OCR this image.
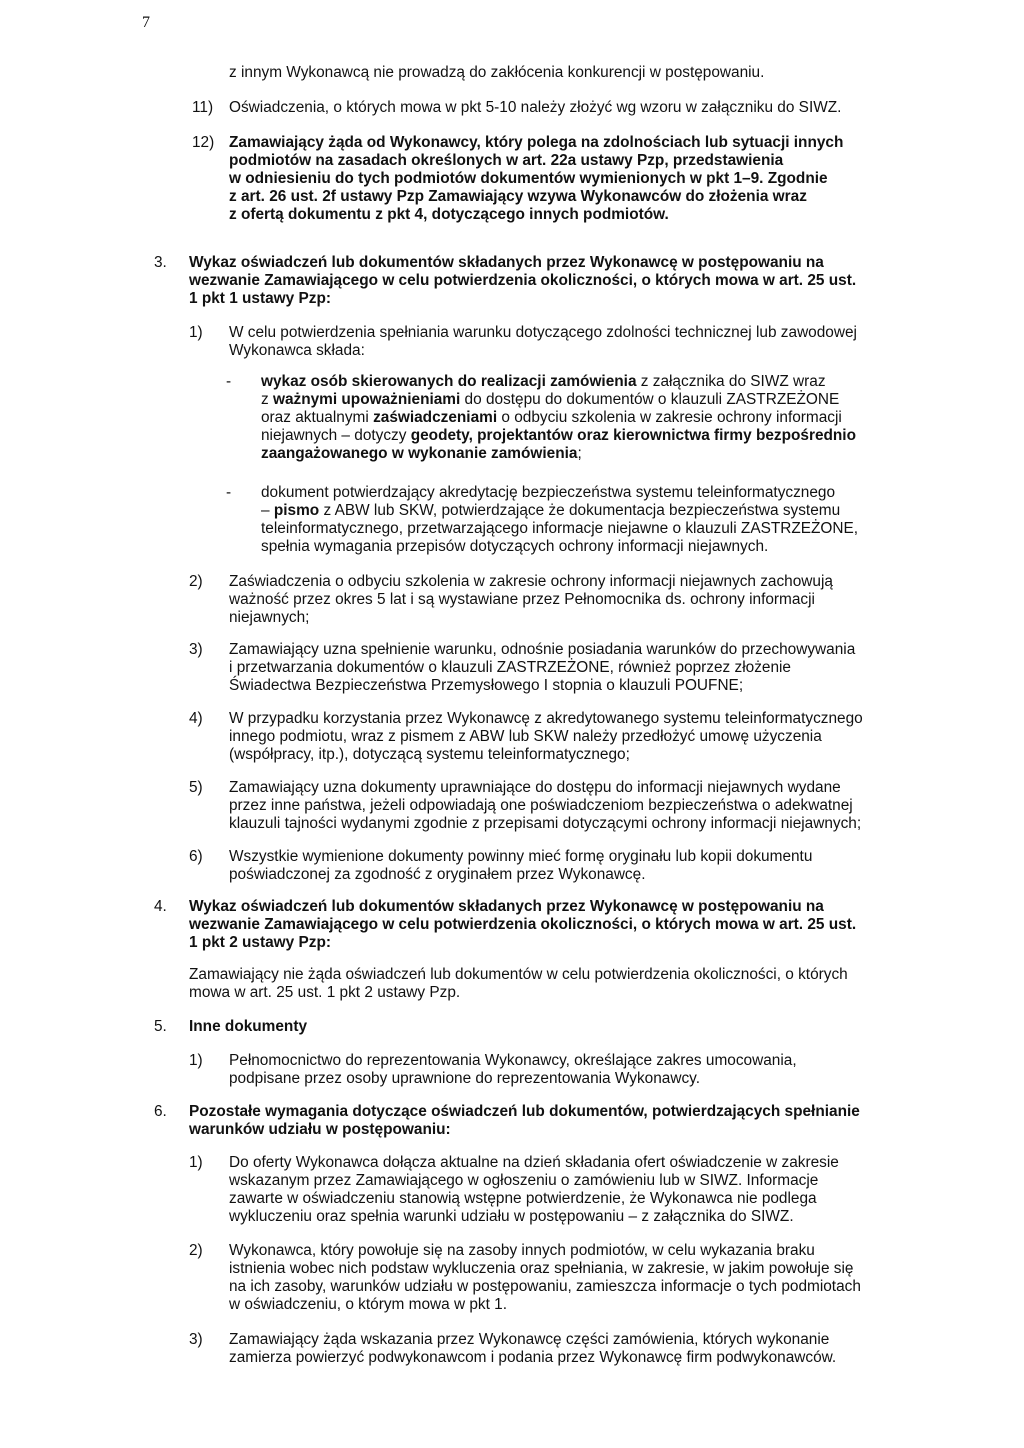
7
z innym Wykonawcą nie prowadzą do zakłócenia konkurencji w postępowaniu.
11) Oświadczenia, o których mowa w pkt 5-10 należy złożyć wg wzoru w załączniku do SIWZ.
12) Zamawiający żąda od Wykonawcy, który polega na zdolnościach lub sytuacji innych
podmiotów na zasadach określonych w art. 22a ustawy Pzp, przedstawienia
w odniesieniu do tych podmiotów dokumentów wymienionych w pkt 1–9. Zgodnie
z art. 26 ust. 2f ustawy Pzp Zamawiający wzywa Wykonawców do złożenia wraz
z ofertą dokumentu z pkt 4, dotyczącego innych podmiotów.
3. Wykaz oświadczeń lub dokumentów składanych przez Wykonawcę w postępowaniu na
wezwanie Zamawiającego w celu potwierdzenia okoliczności, o których mowa w art. 25 ust.
1 pkt 1 ustawy Pzp:
1) W celu potwierdzenia spełniania warunku dotyczącego zdolności technicznej lub zawodowej
Wykonawca składa:
- wykaz osób skierowanych do realizacji zamówienia z załącznika do SIWZ wraz
z ważnymi upoważnieniami do dostępu do dokumentów o klauzuli ZASTRZEŻONE
oraz aktualnymi zaświadczeniami o odbyciu szkolenia w zakresie ochrony informacji
niejawnych – dotyczy geodety, projektantów oraz kierownictwa firmy bezpośrednio
zaangażowanego w wykonanie zamówienia;
- dokument potwierdzający akredytację bezpieczeństwa systemu teleinformatycznego
– pismo z ABW lub SKW, potwierdzające że dokumentacja bezpieczeństwa systemu
teleinformatycznego, przetwarzającego informacje niejawne o klauzuli ZASTRZEŻONE,
spełnia wymagania przepisów dotyczących ochrony informacji niejawnych.
2) Zaświadczenia o odbyciu szkolenia w zakresie ochrony informacji niejawnych zachowują
ważność przez okres 5 lat i są wystawiane przez Pełnomocnika ds. ochrony informacji
niejawnych;
3) Zamawiający uzna spełnienie warunku, odnośnie posiadania warunków do przechowywania
i przetwarzania dokumentów o klauzuli ZASTRZEŻONE, również poprzez złożenie
Świadectwa Bezpieczeństwa Przemysłowego I stopnia o klauzuli POUFNE;
4) W przypadku korzystania przez Wykonawcę z akredytowanego systemu teleinformatycznego
innego podmiotu, wraz z pismem z ABW lub SKW należy przedłożyć umowę użyczenia
(współpracy, itp.), dotyczącą systemu teleinformatycznego;
5) Zamawiający uzna dokumenty uprawniające do dostępu do informacji niejawnych wydane
przez inne państwa, jeżeli odpowiadają one poświadczeniom bezpieczeństwa o adekwatnej
klauzuli tajności wydanymi zgodnie z przepisami dotyczącymi ochrony informacji niejawnych;
6) Wszystkie wymienione dokumenty powinny mieć formę oryginału lub kopii dokumentu
poświadczonej za zgodność z oryginałem przez Wykonawcę.
4. Wykaz oświadczeń lub dokumentów składanych przez Wykonawcę w postępowaniu na
wezwanie Zamawiającego w celu potwierdzenia okoliczności, o których mowa w art. 25 ust.
1 pkt 2 ustawy Pzp:
Zamawiający nie żąda oświadczeń lub dokumentów w celu potwierdzenia okoliczności, o których
mowa w art. 25 ust. 1 pkt 2 ustawy Pzp.
5. Inne dokumenty
1) Pełnomocnictwo do reprezentowania Wykonawcy, określające zakres umocowania,
podpisane przez osoby uprawnione do reprezentowania Wykonawcy.
6. Pozostałe wymagania dotyczące oświadczeń lub dokumentów, potwierdzających spełnianie
warunków udziału w postępowaniu:
1) Do oferty Wykonawca dołącza aktualne na dzień składania ofert oświadczenie w zakresie
wskazanym przez Zamawiającego w ogłoszeniu o zamówieniu lub w SIWZ. Informacje
zawarte w oświadczeniu stanowią wstępne potwierdzenie, że Wykonawca nie podlega
wykluczeniu oraz spełnia warunki udziału w postępowaniu – z załącznika do SIWZ.
2) Wykonawca, który powołuje się na zasoby innych podmiotów, w celu wykazania braku
istnienia wobec nich podstaw wykluczenia oraz spełniania, w zakresie, w jakim powołuje się
na ich zasoby, warunków udziału w postępowaniu, zamieszcza informacje o tych podmiotach
w oświadczeniu, o którym mowa w pkt 1.
3) Zamawiający żąda wskazania przez Wykonawcę części zamówienia, których wykonanie
zamierza powierzyć podwykonawcom i podania przez Wykonawcę firm podwykonawców.
